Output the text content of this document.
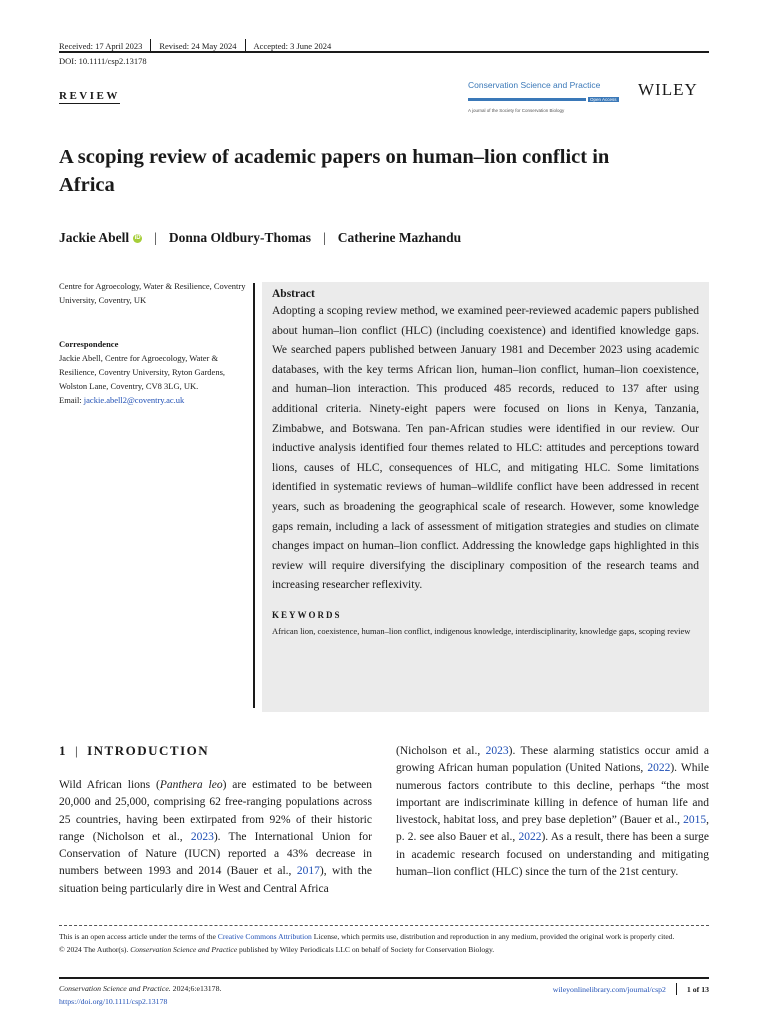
Received: 17 April 2023	Revised: 24 May 2024	Accepted: 3 June 2024
DOI: 10.1111/csp2.13178
REVIEW
Conservation Science and Practice
Open Access
A journal of the Society for Conservation Biology
WILEY
A scoping review of academic papers on human–lion conflict in Africa
Jackie Abell iD | Donna Oldbury-Thomas | Catherine Mazhandu
Centre for Agroecology, Water & Resilience, Coventry University, Coventry, UK
Correspondence
Jackie Abell, Centre for Agroecology, Water & Resilience, Coventry University, Ryton Gardens, Wolston Lane, Coventry, CV8 3LG, UK.
Email: jackie.abell2@coventry.ac.uk
Abstract
Adopting a scoping review method, we examined peer-reviewed academic papers published about human–lion conflict (HLC) (including coexistence) and identified knowledge gaps. We searched papers published between January 1981 and December 2023 using academic databases, with the key terms African lion, human–lion conflict, human–lion coexistence, and human–lion interaction. This produced 485 records, reduced to 137 after using additional criteria. Ninety-eight papers were focused on lions in Kenya, Tanzania, Zimbabwe, and Botswana. Ten pan-African studies were identified in our review. Our inductive analysis identified four themes related to HLC: attitudes and perceptions toward lions, causes of HLC, consequences of HLC, and mitigating HLC. Some limitations identified in systematic reviews of human–wildlife conflict have been addressed in recent years, such as broadening the geographical scale of research. However, some knowledge gaps remain, including a lack of assessment of mitigation strategies and studies on climate changes impact on human–lion conflict. Addressing the knowledge gaps highlighted in this review will require diversifying the disciplinary composition of the research teams and increasing researcher reflexivity.
KEYWORDS
African lion, coexistence, human–lion conflict, indigenous knowledge, interdisciplinarity, knowledge gaps, scoping review
1 | INTRODUCTION
Wild African lions (Panthera leo) are estimated to be between 20,000 and 25,000, comprising 62 free-ranging populations across 25 countries, having been extirpated from 92% of their historic range (Nicholson et al., 2023). The International Union for Conservation of Nature (IUCN) reported a 43% decrease in numbers between 1993 and 2014 (Bauer et al., 2017), with the situation being particularly dire in West and Central Africa
(Nicholson et al., 2023). These alarming statistics occur amid a growing African human population (United Nations, 2022). While numerous factors contribute to this decline, perhaps “the most important are indiscriminate killing in defence of human life and livestock, habitat loss, and prey base depletion” (Bauer et al., 2015, p. 2. see also Bauer et al., 2022). As a result, there has been a surge in academic research focused on understanding and mitigating human–lion conflict (HLC) since the turn of the 21st century.
This is an open access article under the terms of the Creative Commons Attribution License, which permits use, distribution and reproduction in any medium, provided the original work is properly cited.
© 2024 The Author(s). Conservation Science and Practice published by Wiley Periodicals LLC on behalf of Society for Conservation Biology.
Conservation Science and Practice. 2024;6:e13178.
https://doi.org/10.1111/csp2.13178
wileyonlinelibrary.com/journal/csp2	1 of 13
